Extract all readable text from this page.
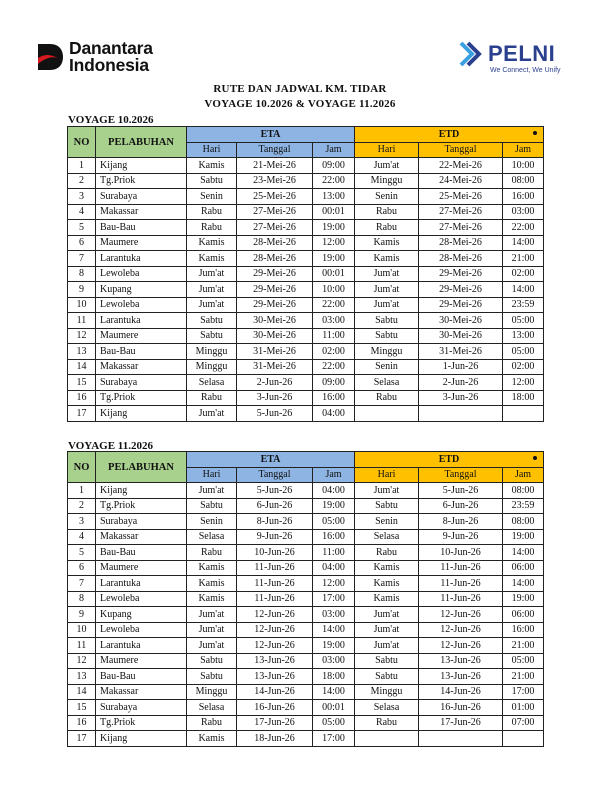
Danantara
Indonesia	PELNI
We Connect, We Unify
RUTE DAN JADWAL KM. TIDAR
VOYAGE 10.2026 & VOYAGE 11.2026
VOYAGE 10.2026
NO	PELABUHAN	ETA			ETD		

		Hari	Tanggal	Jam	Hari	Tanggal	Jam
1	Kijang	Kamis	21-Mei-26	09:00	Jum'at	22-Mei-26	10:00
2	Tg.Priok	Sabtu	23-Mei-26	22:00	Minggu	24-Mei-26	08:00
3	Surabaya	Senin	25-Mei-26	13:00	Senin	25-Mei-26	16:00
4	Makassar	Rabu	27-Mei-26	00:01	Rabu	27-Mei-26	03:00
5	Bau-Bau	Rabu	27-Mei-26	19:00	Rabu	27-Mei-26	22:00
6	Maumere	Kamis	28-Mei-26	12:00	Kamis	28-Mei-26	14:00
7	Larantuka	Kamis	28-Mei-26	19:00	Kamis	28-Mei-26	21:00
8	Lewoleba	Jum'at	29-Mei-26	00:01	Jum'at	29-Mei-26	02:00
9	Kupang	Jum'at	29-Mei-26	10:00	Jum'at	29-Mei-26	14:00
10	Lewoleba	Jum'at	29-Mei-26	22:00	Jum'at	29-Mei-26	23:59
11	Larantuka	Sabtu	30-Mei-26	03:00	Sabtu	30-Mei-26	05:00
12	Maumere	Sabtu	30-Mei-26	11:00	Sabtu	30-Mei-26	13:00
13	Bau-Bau	Minggu	31-Mei-26	02:00	Minggu	31-Mei-26	05:00
14	Makassar	Minggu	31-Mei-26	22:00	Senin	1-Jun-26	02:00
15	Surabaya	Selasa	2-Jun-26	09:00	Selasa	2-Jun-26	12:00
16	Tg.Priok	Rabu	3-Jun-26	16:00	Rabu	3-Jun-26	18:00
17	Kijang	Jum'at	5-Jun-26	04:00			
VOYAGE 11.2026
NO	PELABUHAN	ETA			ETD		

		Hari	Tanggal	Jam	Hari	Tanggal	Jam
1	Kijang	Jum'at	5-Jun-26	04:00	Jum'at	5-Jun-26	08:00
2	Tg.Priok	Sabtu	6-Jun-26	19:00	Sabtu	6-Jun-26	23:59
3	Surabaya	Senin	8-Jun-26	05:00	Senin	8-Jun-26	08:00
4	Makassar	Selasa	9-Jun-26	16:00	Selasa	9-Jun-26	19:00
5	Bau-Bau	Rabu	10-Jun-26	11:00	Rabu	10-Jun-26	14:00
6	Maumere	Kamis	11-Jun-26	04:00	Kamis	11-Jun-26	06:00
7	Larantuka	Kamis	11-Jun-26	12:00	Kamis	11-Jun-26	14:00
8	Lewoleba	Kamis	11-Jun-26	17:00	Kamis	11-Jun-26	19:00
9	Kupang	Jum'at	12-Jun-26	03:00	Jum'at	12-Jun-26	06:00
10	Lewoleba	Jum'at	12-Jun-26	14:00	Jum'at	12-Jun-26	16:00
11	Larantuka	Jum'at	12-Jun-26	19:00	Jum'at	12-Jun-26	21:00
12	Maumere	Sabtu	13-Jun-26	03:00	Sabtu	13-Jun-26	05:00
13	Bau-Bau	Sabtu	13-Jun-26	18:00	Sabtu	13-Jun-26	21:00
14	Makassar	Minggu	14-Jun-26	14:00	Minggu	14-Jun-26	17:00
15	Surabaya	Selasa	16-Jun-26	00:01	Selasa	16-Jun-26	01:00
16	Tg.Priok	Rabu	17-Jun-26	05:00	Rabu	17-Jun-26	07:00
17	Kijang	Kamis	18-Jun-26	17:00			
